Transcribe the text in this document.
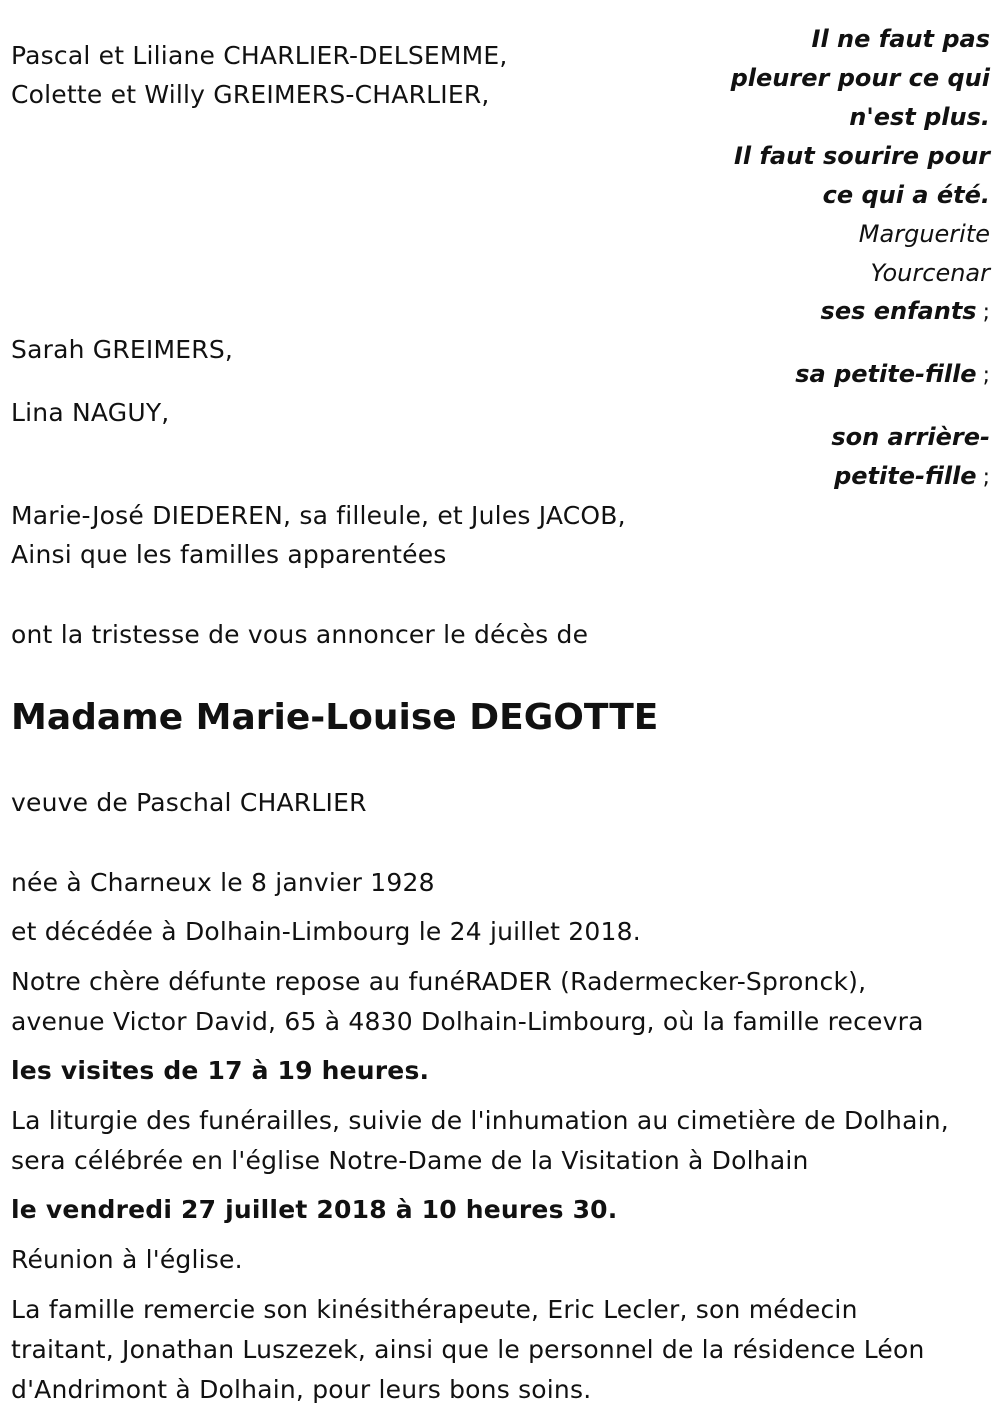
Pascal et Liliane CHARLIER-DELSEMME,
Colette et Willy GREIMERS-CHARLIER,
Sarah GREIMERS,
Lina NAGUY,
Marie-José DIEDEREN, sa filleule, et Jules JACOB,
Ainsi que les familles apparentées
ont la tristesse de vous annoncer le décès de
Madame Marie-Louise DEGOTTE
veuve de Paschal CHARLIER
née à Charneux le 8 janvier 1928
et décédée à Dolhain-Limbourg le 24 juillet 2018.
Notre chère défunte repose au funéRADER (Radermecker-Spronck),
avenue Victor David, 65 à 4830 Dolhain-Limbourg, où la famille recevra
les visites de 17 à 19 heures.
La liturgie des funérailles, suivie de l'inhumation au cimetière de Dolhain,
sera célébrée en l'église Notre-Dame de la Visitation à Dolhain
le vendredi 27 juillet 2018 à 10 heures 30.
Réunion à l'église.
La famille remercie son kinésithérapeute, Eric Lecler, son médecin
traitant, Jonathan Luszezek, ainsi que le personnel de la résidence Léon
d'Andrimont à Dolhain, pour leurs bons soins.
Il ne faut pas
pleurer pour ce qui
n'est plus.
Il faut sourire pour
ce qui a été.
Marguerite
Yourcenar
ses enfants ;
sa petite-fille ;
son arrière-
petite-fille ;
